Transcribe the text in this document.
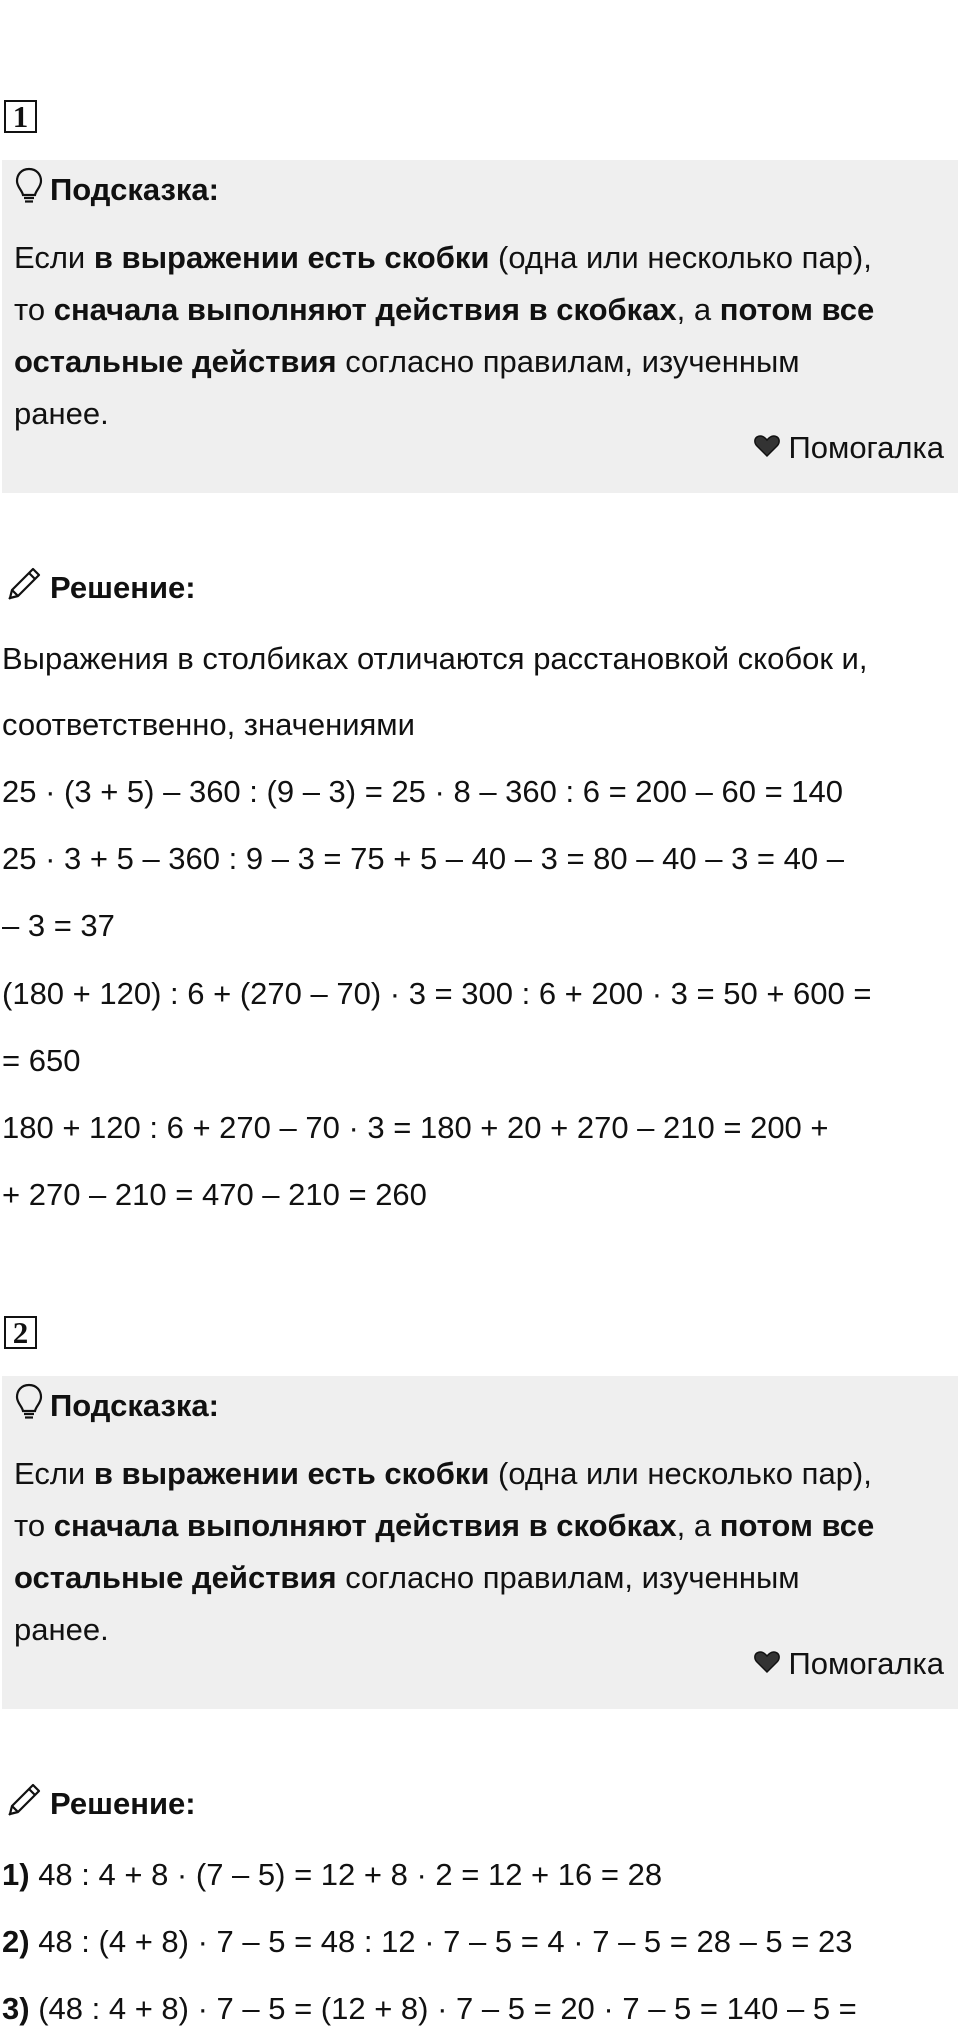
1
Подсказка:
Если в выражении есть скобки (одна или несколько пар),
то сначала выполняют действия в скобках, а потом все
остальные действия согласно правилам, изученным
ранее.
Помогалка
Решение:
Выражения в столбиках отличаются расстановкой скобок и,
соответственно, значениями
25 · (3 + 5) – 360 : (9 – 3) = 25 · 8 – 360 : 6 = 200 – 60 = 140
25 · 3 + 5 – 360 : 9 – 3 = 75 + 5 – 40 – 3 = 80 – 40 – 3 = 40 –
– 3 = 37
(180 + 120) : 6 + (270 – 70) · 3 = 300 : 6 + 200 · 3 = 50 + 600 =
= 650
180 + 120 : 6 + 270 – 70 · 3 = 180 + 20 + 270 – 210 = 200 +
+ 270 – 210 = 470 – 210 = 260
2
Подсказка:
Если в выражении есть скобки (одна или несколько пар),
то сначала выполняют действия в скобках, а потом все
остальные действия согласно правилам, изученным
ранее.
Помогалка
Решение:
1) 48 : 4 + 8 · (7 – 5) = 12 + 8 · 2 = 12 + 16 = 28
2) 48 : (4 + 8) · 7 – 5 = 48 : 12 · 7 – 5 = 4 · 7 – 5 = 28 – 5 = 23
3) (48 : 4 + 8) · 7 – 5 = (12 + 8) · 7 – 5 = 20 · 7 – 5 = 140 – 5 =
